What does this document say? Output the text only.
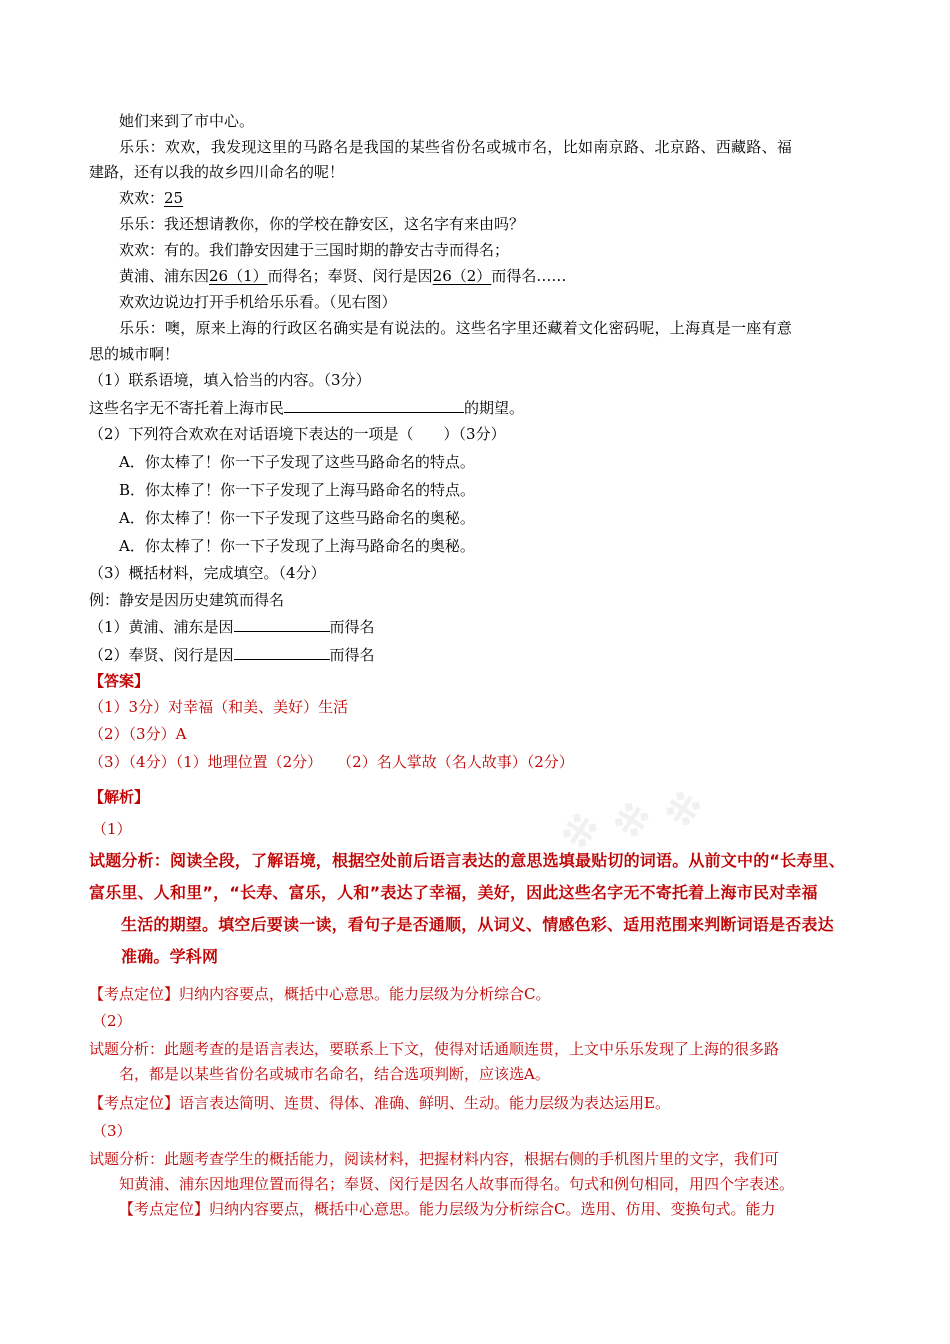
※ ※ ※
她们来到了市中心。
乐乐：欢欢，我发现这里的马路名是我国的某些省份名或城市名，比如南京路、北京路、西藏路、福
建路，还有以我的故乡四川命名的呢！
欢欢：25
乐乐：我还想请教你，你的学校在静安区，这名字有来由吗？
欢欢：有的。我们静安因建于三国时期的静安古寺而得名；
黄浦、浦东因26（1）而得名；奉贤、闵行是因26（2）而得名……
欢欢边说边打开手机给乐乐看。（见右图）
乐乐：噢，原来上海的行政区名确实是有说法的。这些名字里还藏着文化密码呢，上海真是一座有意
思的城市啊！
（1）联系语境，填入恰当的内容。（3分）
这些名字无不寄托着上海市民	的期望。
（2）下列符合欢欢在对话语境下表达的一项是（　　）（3分）
A．你太棒了！你一下子发现了这些马路命名的特点。
B．你太棒了！你一下子发现了上海马路命名的特点。
A．你太棒了！你一下子发现了这些马路命名的奥秘。
A．你太棒了！你一下子发现了上海马路命名的奥秘。
（3）概括材料，完成填空。（4分）
例：静安是因历史建筑而得名
（1）黄浦、浦东是因	而得名
（2）奉贤、闵行是因	而得名
【答案】
（1）3分）对幸福（和美、美好）生活
（2）（3分）A
（3）（4分）（1）地理位置（2分）　　（2）名人掌故（名人故事）（2分）
【解析】
（1）
试题分析：阅读全段，了解语境，根据空处前后语言表达的意思选填最贴切的词语。从前文中的“长寿里、
富乐里、人和里”，“长寿、富乐，人和”表达了幸福，美好，因此这些名字无不寄托着上海市民对幸福
生活的期望。填空后要读一读，看句子是否通顺，从词义、情感色彩、适用范围来判断词语是否表达
准确。学科网
【考点定位】归纳内容要点，概括中心意思。能力层级为分析综合C。
（2）
试题分析：此题考查的是语言表达，要联系上下文，使得对话通顺连贯，上文中乐乐发现了上海的很多路
名，都是以某些省份名或城市名命名，结合选项判断，应该选A。
【考点定位】语言表达简明、连贯、得体、准确、鲜明、生动。能力层级为表达运用E。
（3）
试题分析：此题考查学生的概括能力，阅读材料，把握材料内容，根据右侧的手机图片里的文字，我们可
知黄浦、浦东因地理位置而得名；奉贤、闵行是因名人故事而得名。句式和例句相同，用四个字表述。
【考点定位】归纳内容要点，概括中心意思。能力层级为分析综合C。选用、仿用、变换句式。能力
